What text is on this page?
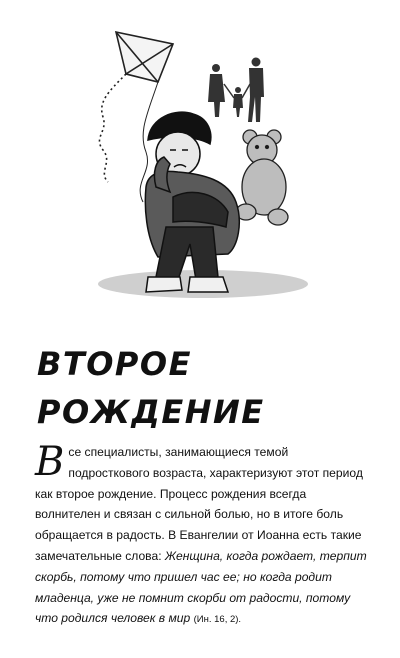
ВТОРОЕ
РОЖДЕНИЕ

Все специалисты, занимающиеся темой подросткового возраста, характеризуют этот период как второе рождение. Процесс рождения всегда волнителен и связан с сильной болью, но в итоге боль обращается в радость. В Евангелии от Иоанна есть такие замечательные слова: Женщина, когда рождает, терпит скорбь, потому что пришел час ее; но когда родит младенца, уже не помнит скорби от радости, потому что родился человек в мир (Ин. 16, 2).
